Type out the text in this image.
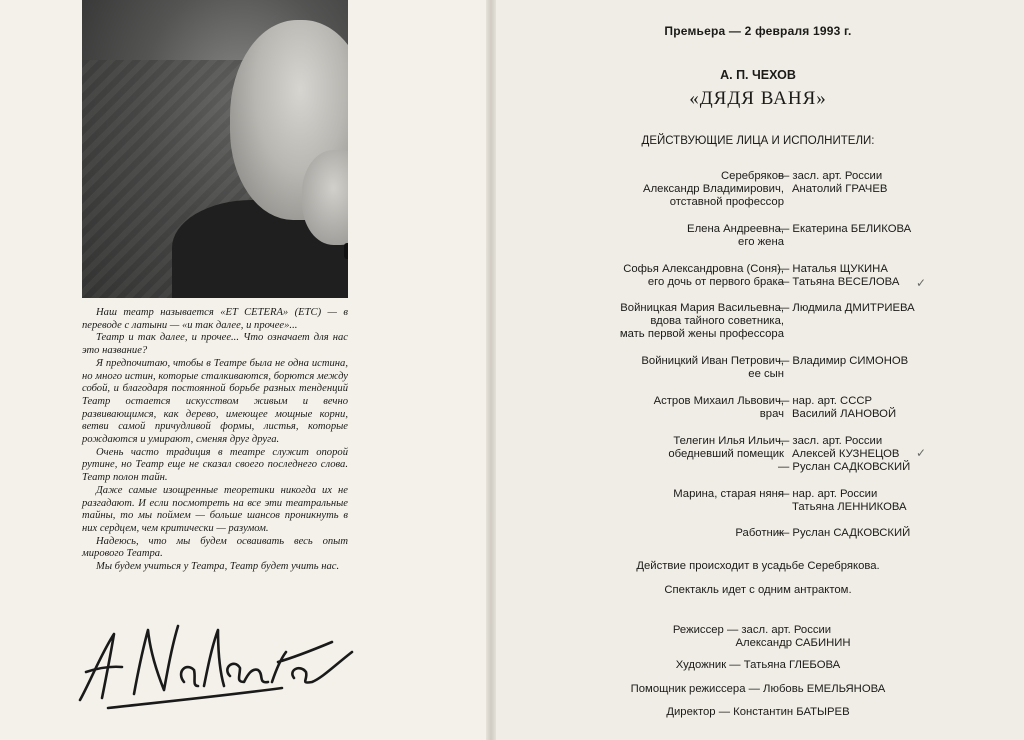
Наш театр называется «ET CETERA» (ETC) — в переводе с латыни — «и так далее, и прочее»...

Театр и так далее, и прочее... Что означает для нас это название?

Я предпочитаю, чтобы в Театре была не одна истина, но много истин, которые сталкиваются, борются между собой, и благодаря постоянной борьбе разных тенденций Театр остается искусством живым и вечно развивающимся, как дерево, имеющее мощные корни, ветви самой причудливой формы, листья, которые рождаются и умирают, сменяя друг друга.

Очень часто традиция в театре служит опорой рутине, но Театр еще не сказал своего последнего слова. Театр полон тайн.

Даже самые изощренные теоретики никогда их не разгадают. И если посмотреть на все эти театральные тайны, то мы поймем — больше шансов проникнуть в них сердцем, чем критически — разумом.

Надеюсь, что мы будем осваивать весь опыт мирового Театра.

Мы будем учиться у Театра, Театр будет учить нас.

Премьера — 2 февраля 1993 г.
А. П. ЧЕХОВ
«ДЯДЯ ВАНЯ»
ДЕЙСТВУЮЩИЕ ЛИЦА И ИСПОЛНИТЕЛИ:
Серебряков
Александр Владимирович,
отставной профессор
— засл. арт. России
Анатолий ГРАЧЕВ
Елена Андреевна,
его жена
— Екатерина БЕЛИКОВА
Софья Александровна (Соня),
его дочь от первого брака
— Наталья ЩУКИНА
— Татьяна ВЕСЕЛОВА
Войницкая Мария Васильевна,
вдова тайного советника,
мать первой жены профессора
— Людмила ДМИТРИЕВА
Войницкий Иван Петрович,
ее сын
— Владимир СИМОНОВ
Астров Михаил Львович,
врач
— нар. арт. СССР
Василий ЛАНОВОЙ
Телегин Илья Ильич,
обедневший помещик
— засл. арт. России
Алексей КУЗНЕЦОВ
— Руслан САДКОВСКИЙ
Марина, старая няня
— нар. арт. России
Татьяна ЛЕННИКОВА
Работник
— Руслан САДКОВСКИЙ
✓
✓
Действие происходит в усадьбе Серебрякова.
Спектакль идет с одним антрактом.
Режиссер — засл. арт. России
Александр САБИНИН
Художник — Татьяна ГЛЕБОВА
Помощник режиссера — Любовь ЕМЕЛЬЯНОВА
Директор — Константин БАТЫРЕВ
